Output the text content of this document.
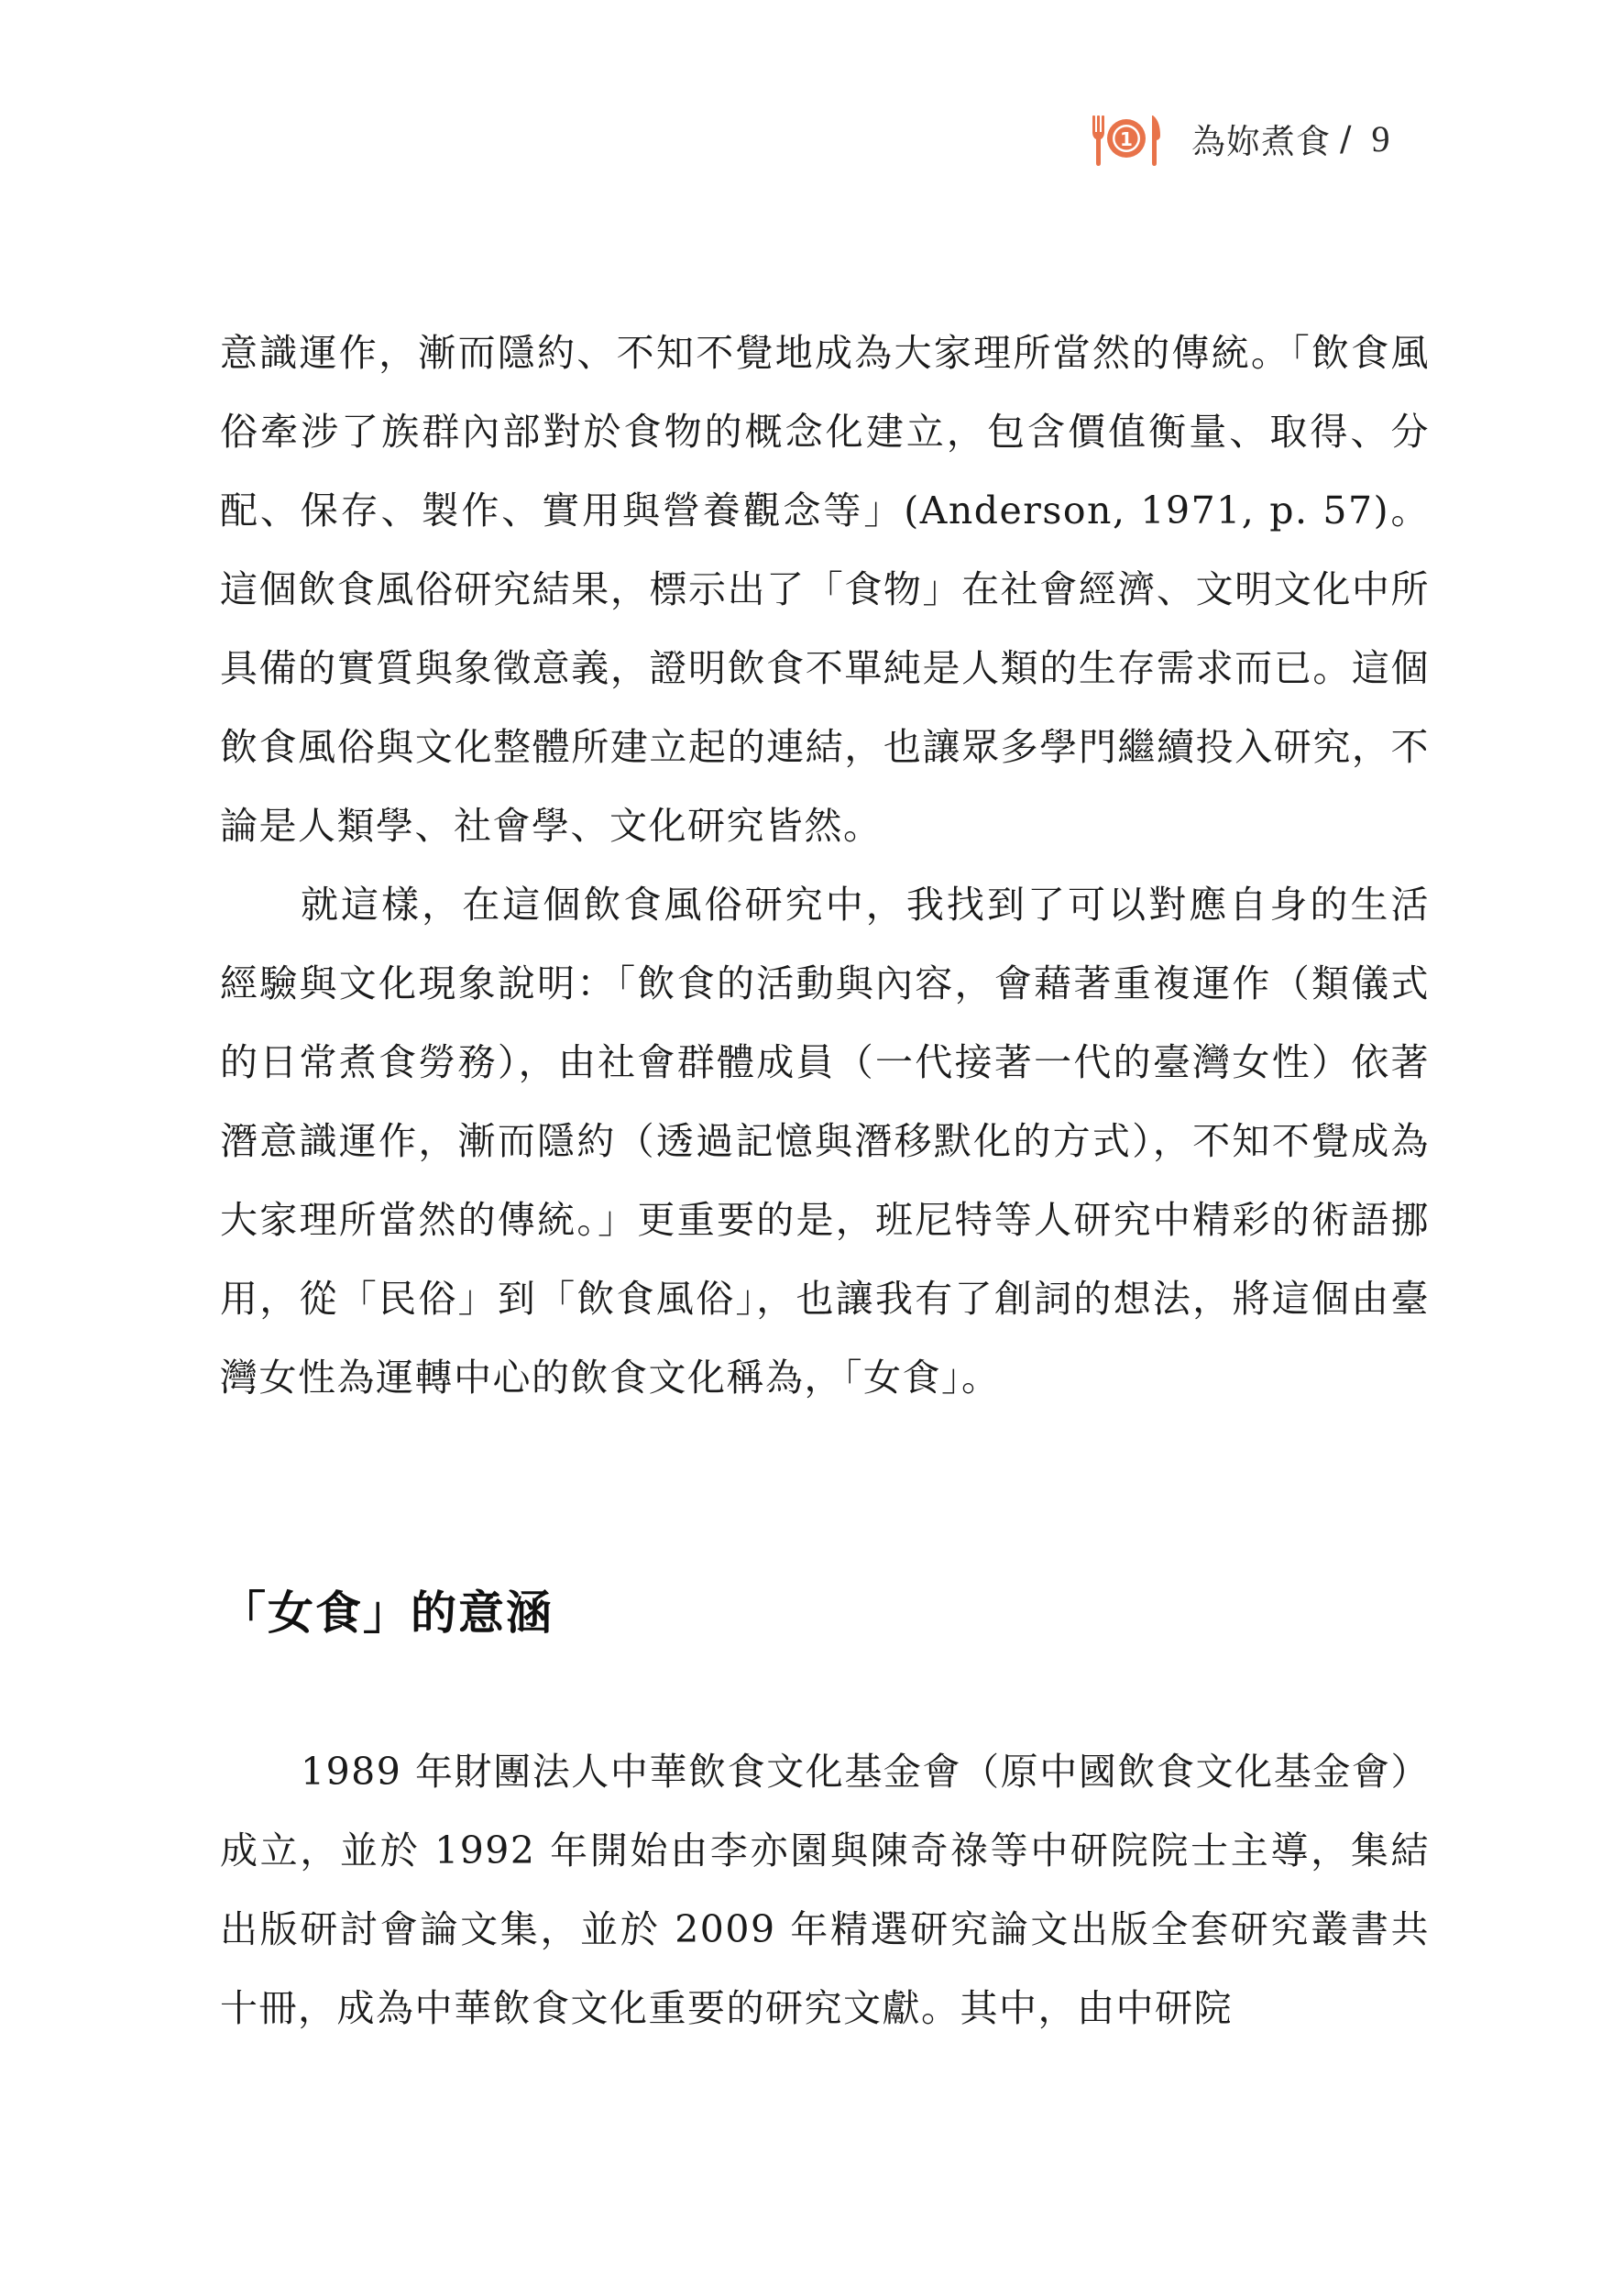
1 為妳煮食 / 9

意識運作，漸而隱約、不知不覺地成為大家理所當然的傳統。「飲食風俗牽涉了族群內部對於食物的概念化建立，包含價值衡量、取得、分配、保存、製作、實用與營養觀念等」(Anderson, 1971, p. 57)。這個飲食風俗研究結果，標示出了「食物」在社會經濟、文明文化中所具備的實質與象徵意義，證明飲食不單純是人類的生存需求而已。這個飲食風俗與文化整體所建立起的連結，也讓眾多學門繼續投入研究，不論是人類學、社會學、文化研究皆然。

就這樣，在這個飲食風俗研究中，我找到了可以對應自身的生活經驗與文化現象說明：「飲食的活動與內容，會藉著重複運作（類儀式的日常煮食勞務），由社會群體成員（一代接著一代的臺灣女性）依著潛意識運作，漸而隱約（透過記憶與潛移默化的方式），不知不覺成為大家理所當然的傳統。」更重要的是，班尼特等人研究中精彩的術語挪用，從「民俗」到「飲食風俗」，也讓我有了創詞的想法，將這個由臺灣女性為運轉中心的飲食文化稱為，「女食」。

「女食」的意涵

1989 年財團法人中華飲食文化基金會（原中國飲食文化基金會）成立，並於 1992 年開始由李亦園與陳奇祿等中研院院士主導，集結出版研討會論文集，並於 2009 年精選研究論文出版全套研究叢書共十冊，成為中華飲食文化重要的研究文獻。其中，由中研院
